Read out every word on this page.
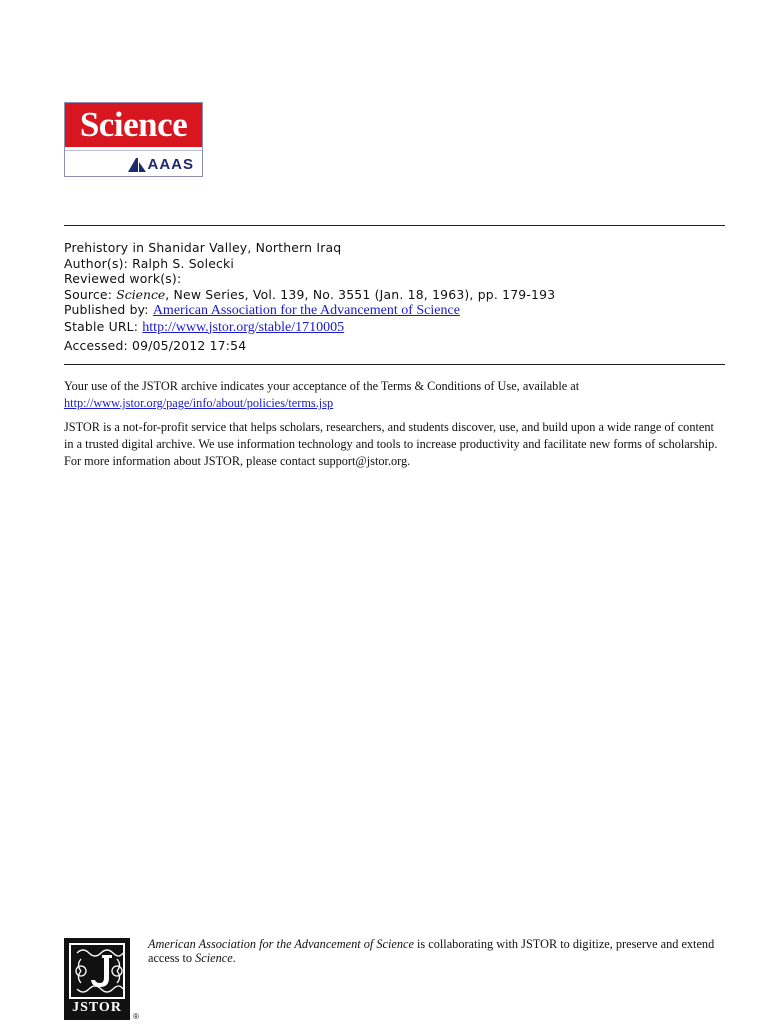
Science
AAAS
Prehistory in Shanidar Valley, Northern Iraq
Author(s): Ralph S. Solecki
Reviewed work(s):
Source: Science, New Series, Vol. 139, No. 3551 (Jan. 18, 1963), pp. 179-193
Published by: American Association for the Advancement of Science
Stable URL: http://www.jstor.org/stable/1710005
Accessed: 09/05/2012 17:54

Your use of the JSTOR archive indicates your acceptance of the Terms & Conditions of Use, available at
http://www.jstor.org/page/info/about/policies/terms.jsp

JSTOR is a not-for-profit service that helps scholars, researchers, and students discover, use, and build upon a wide range of content in a trusted digital archive. We use information technology and tools to increase productivity and facilitate new forms of scholarship. For more information about JSTOR, please contact support@jstor.org.

JSTOR
®
American Association for the Advancement of Science is collaborating with JSTOR to digitize, preserve and extend access to Science.
